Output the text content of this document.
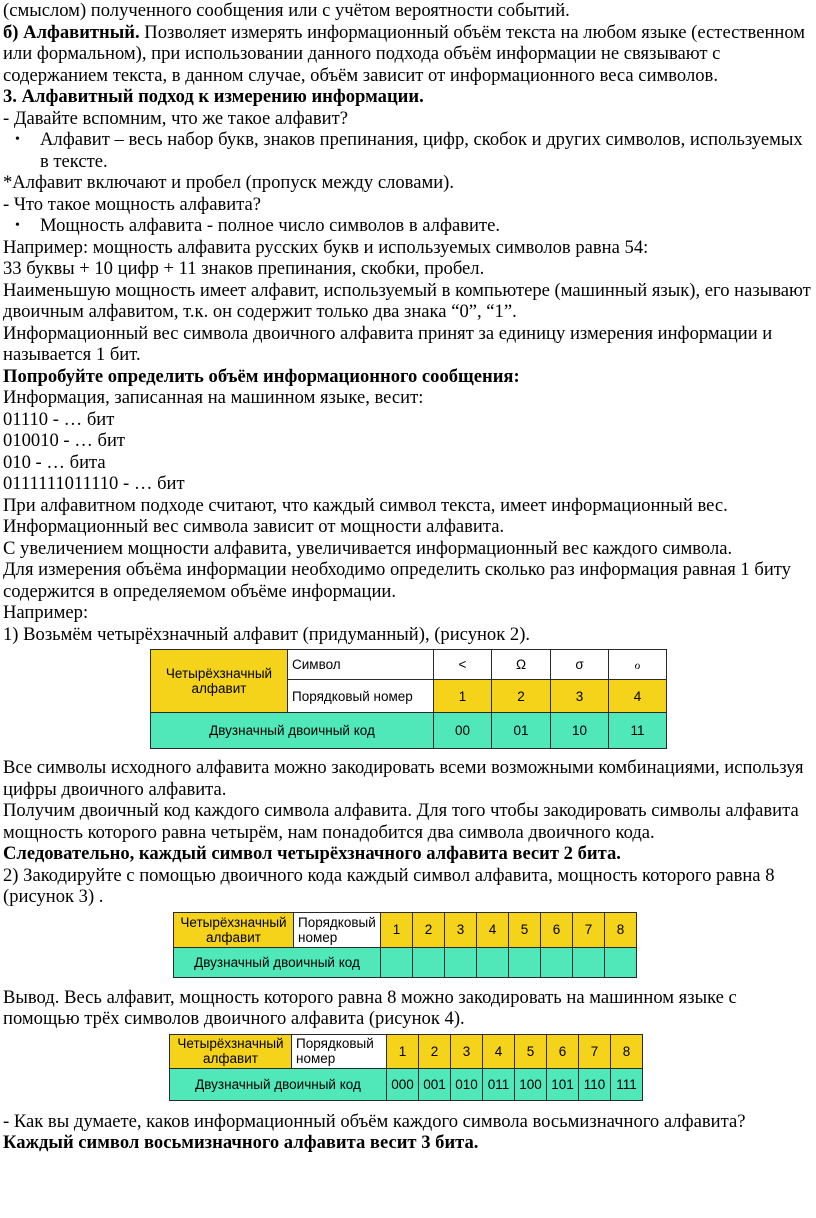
(смыслом) полученного сообщения или с учётом вероятности событий.

б) Алфавитный. Позволяет измерять информационный объём текста на любом языке (естественном или формальном), при использовании данного подхода объём информации не связывают с содержанием текста, в данном случае, объём зависит от информационного веса символов.

3. Алфавитный подход к измерению информации.

- Давайте вспомним, что же такое алфавит?

• Алфавит – весь набор букв, знаков препинания, цифр, скобок и других символов, используемых в тексте.

*Алфавит включают и пробел (пропуск между словами).

- Что такое мощность алфавита?

• Мощность алфавита - полное число символов в алфавите.

Например: мощность алфавита русских букв и используемых символов равна 54:

33 буквы + 10 цифр + 11 знаков препинания, скобки, пробел.

Наименьшую мощность имеет алфавит, используемый в компьютере (машинный язык), его называют двоичным алфавитом, т.к. он содержит только два знака “0”, “1”.

Информационный вес символа двоичного алфавита принят за единицу измерения информации и называется 1 бит.

Попробуйте определить объём информационного сообщения:

Информация, записанная на машинном языке, весит:

01110 - … бит

010010 - … бит

010 - … бита

0111111011110 - … бит

При алфавитном подходе считают, что каждый символ текста, имеет информационный вес.

Информационный вес символа зависит от мощности алфавита.

С увеличением мощности алфавита, увеличивается информационный вес каждого символа.

Для измерения объёма информации необходимо определить сколько раз информация равная 1 биту содержится в определяемом объёме информации.

Например:

1) Возьмём четырёхзначный алфавит (придуманный), (рисунок 2).

Четырёхзначный алфавит	Символ	<	Ω	σ	ℴ
	Порядковый номер	1	2	3	4
Двузначный двоичный код		00	01	10	11

Все символы исходного алфавита можно закодировать всеми возможными комбинациями, используя цифры двоичного алфавита.

Получим двоичный код каждого символа алфавита. Для того чтобы закодировать символы алфавита мощность которого равна четырём, нам понадобится два символа двоичного кода.

Следовательно, каждый символ четырёхзначного алфавита весит 2 бита.

2) Закодируйте с помощью двоичного кода каждый символ алфавита, мощность которого равна 8 (рисунок 3) .

Четырёхзначный алфавит	Порядковый номер	1	2	3	4	5	6	7	8
Двузначный двоичный код									

Вывод. Весь алфавит, мощность которого равна 8 можно закодировать на машинном языке с помощью трёх символов двоичного алфавита (рисунок 4).

Четырёхзначный алфавит	Порядковый номер	1	2	3	4	5	6	7	8
Двузначный двоичный код		000	001	010	011	100	101	110	111

- Как вы думаете, каков информационный объём каждого символа восьмизначного алфавита?

Каждый символ восьмизначного алфавита весит 3 бита.
